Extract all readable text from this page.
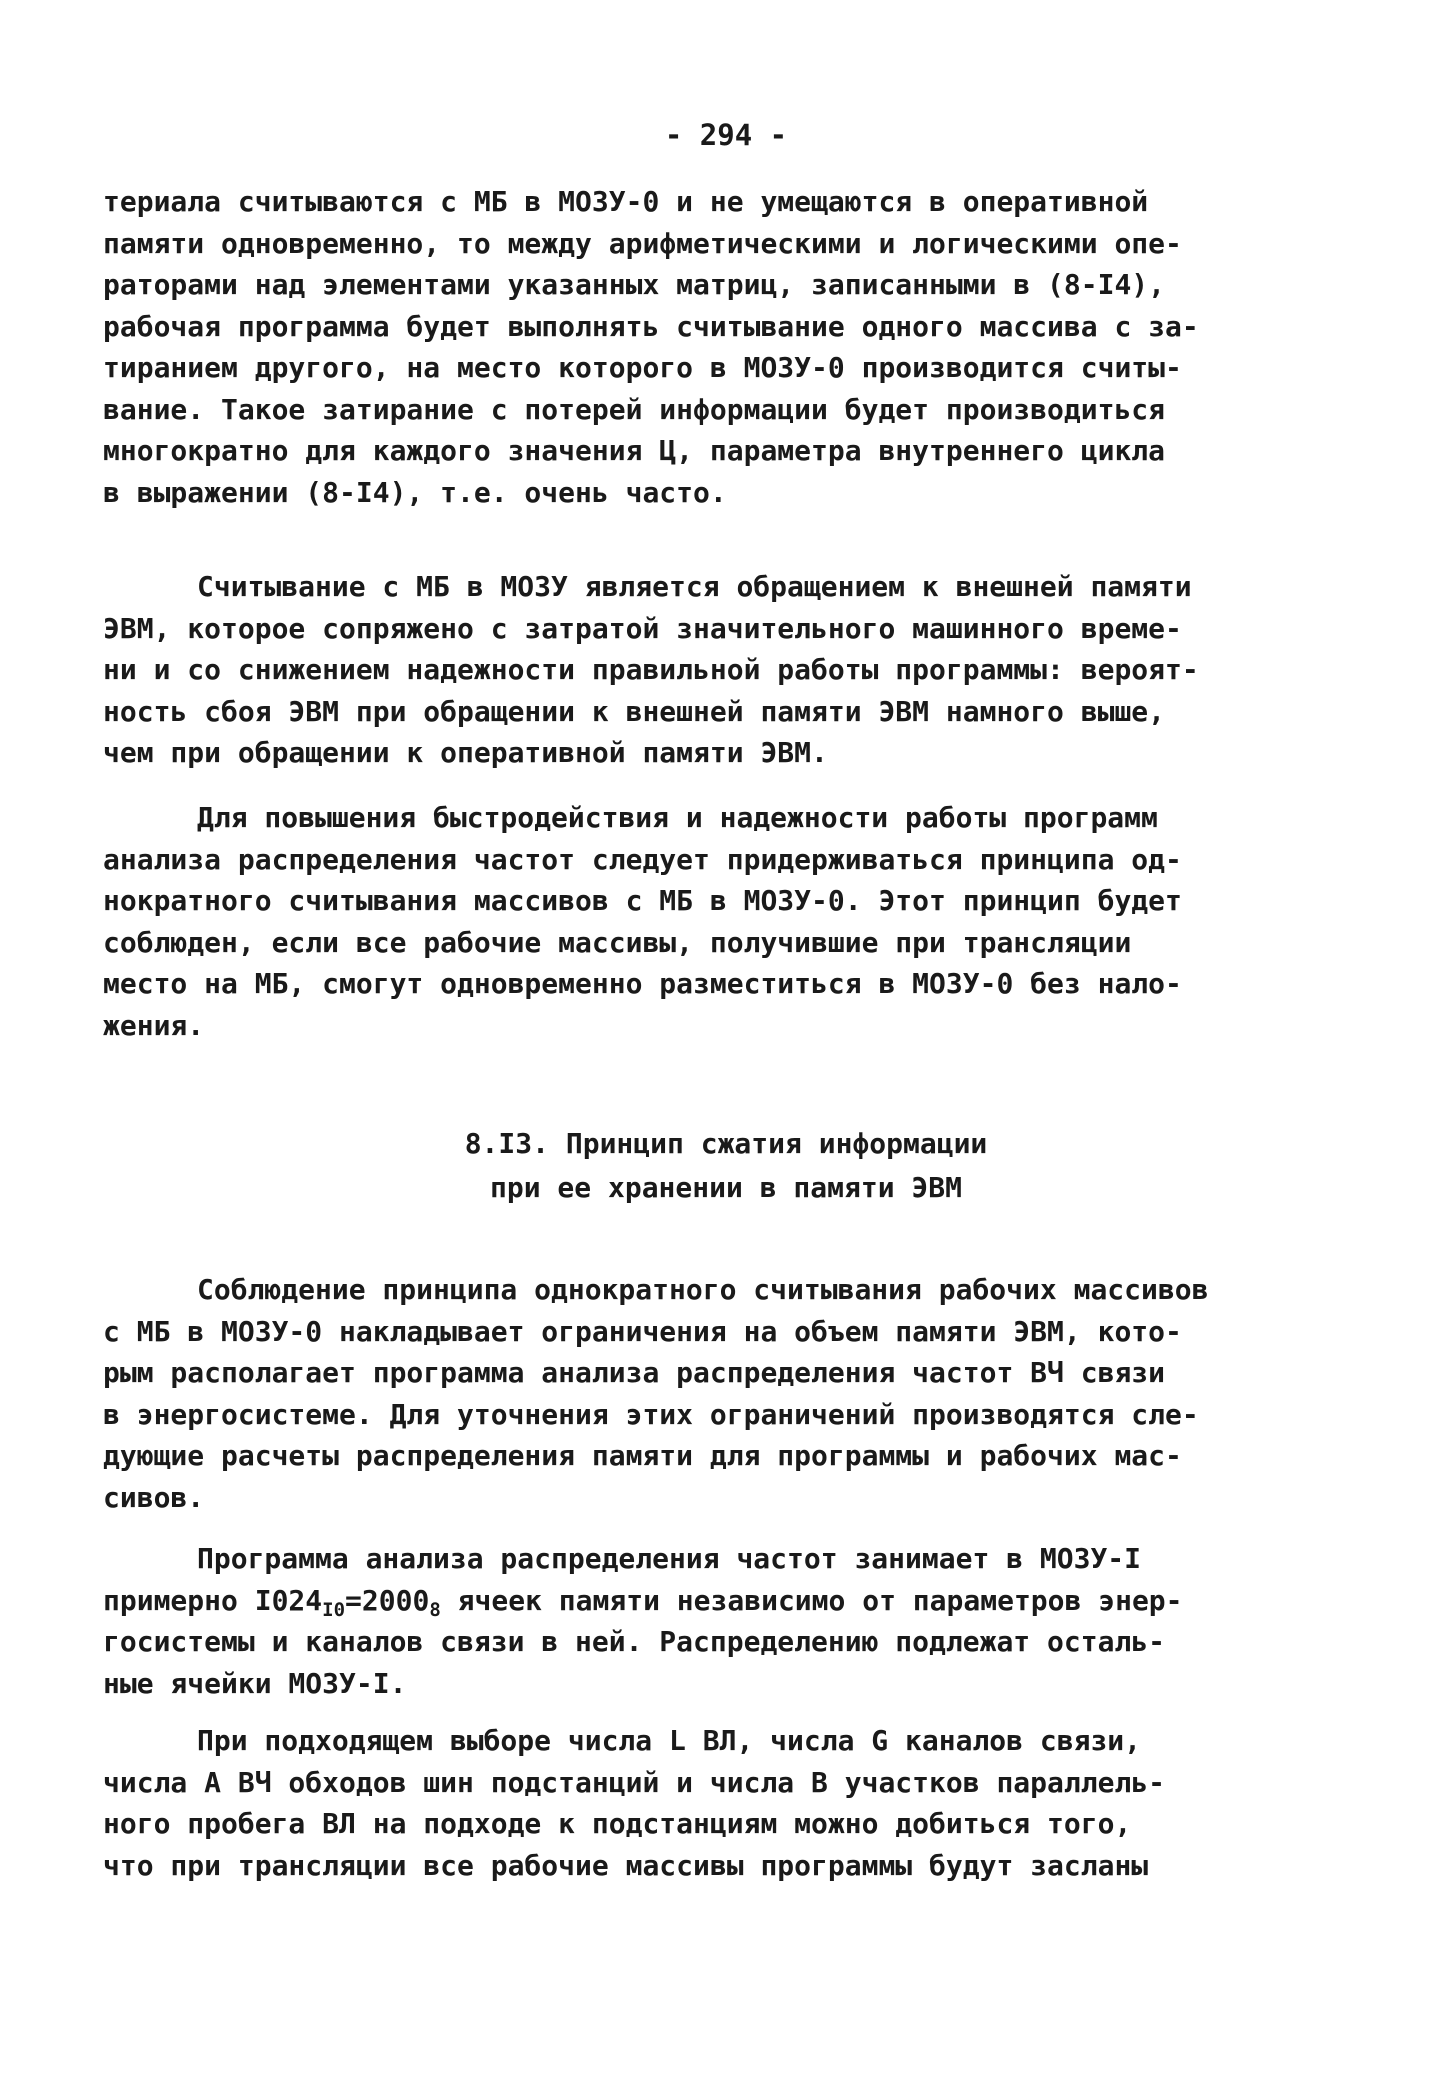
- 294 -
териала считываются с МБ в МОЗУ-0 и не умещаются в оперативной
памяти одновременно, то между арифметическими и логическими опе-
раторами над элементами указанных матриц, записанными в (8-I4),
рабочая программа будет выполнять считывание одного массива с за-
тиранием другого, на место которого в МОЗУ-0 производится считы-
вание. Такое затирание с потерей информации будет производиться
многократно для каждого значения Ц, параметра внутреннего цикла
в выражении (8-I4), т.е. очень часто.
Считывание с МБ в МОЗУ является обращением к внешней памяти
ЭВМ, которое сопряжено с затратой значительного машинного време-
ни и со снижением надежности правильной работы программы: вероят-
ность сбоя ЭВМ при обращении к внешней памяти ЭВМ намного выше,
чем при обращении к оперативной памяти ЭВМ.
Для повышения быстродействия и надежности работы программ
анализа распределения частот следует придерживаться принципа од-
нократного считывания массивов с МБ в МОЗУ-0. Этот принцип будет
соблюден, если все рабочие массивы, получившие при трансляции
место на МБ, смогут одновременно разместиться в МОЗУ-0 без нало-
жения.
8.I3. Принцип сжатия информации
при ее хранении в памяти ЭВМ
Соблюдение принципа однократного считывания рабочих массивов
с МБ в МОЗУ-0 накладывает ограничения на объем памяти ЭВМ, кото-
рым располагает программа анализа распределения частот ВЧ связи
в энергосистеме. Для уточнения этих ограничений производятся сле-
дующие расчеты распределения памяти для программы и рабочих мас-
сивов.
Программа анализа распределения частот занимает в МОЗУ-I
примерно $I024_{I0}=2000_8$ ячеек памяти независимо от параметров энер-
госистемы и каналов связи в ней. Распределению подлежат осталь-
ные ячейки МОЗУ-I.
При подходящем выборе числа L ВЛ, числа G каналов связи,
числа A ВЧ обходов шин подстанций и числа B участков параллель-
ного пробега ВЛ на подходе к подстанциям можно добиться того,
что при трансляции все рабочие массивы программы будут засланы
